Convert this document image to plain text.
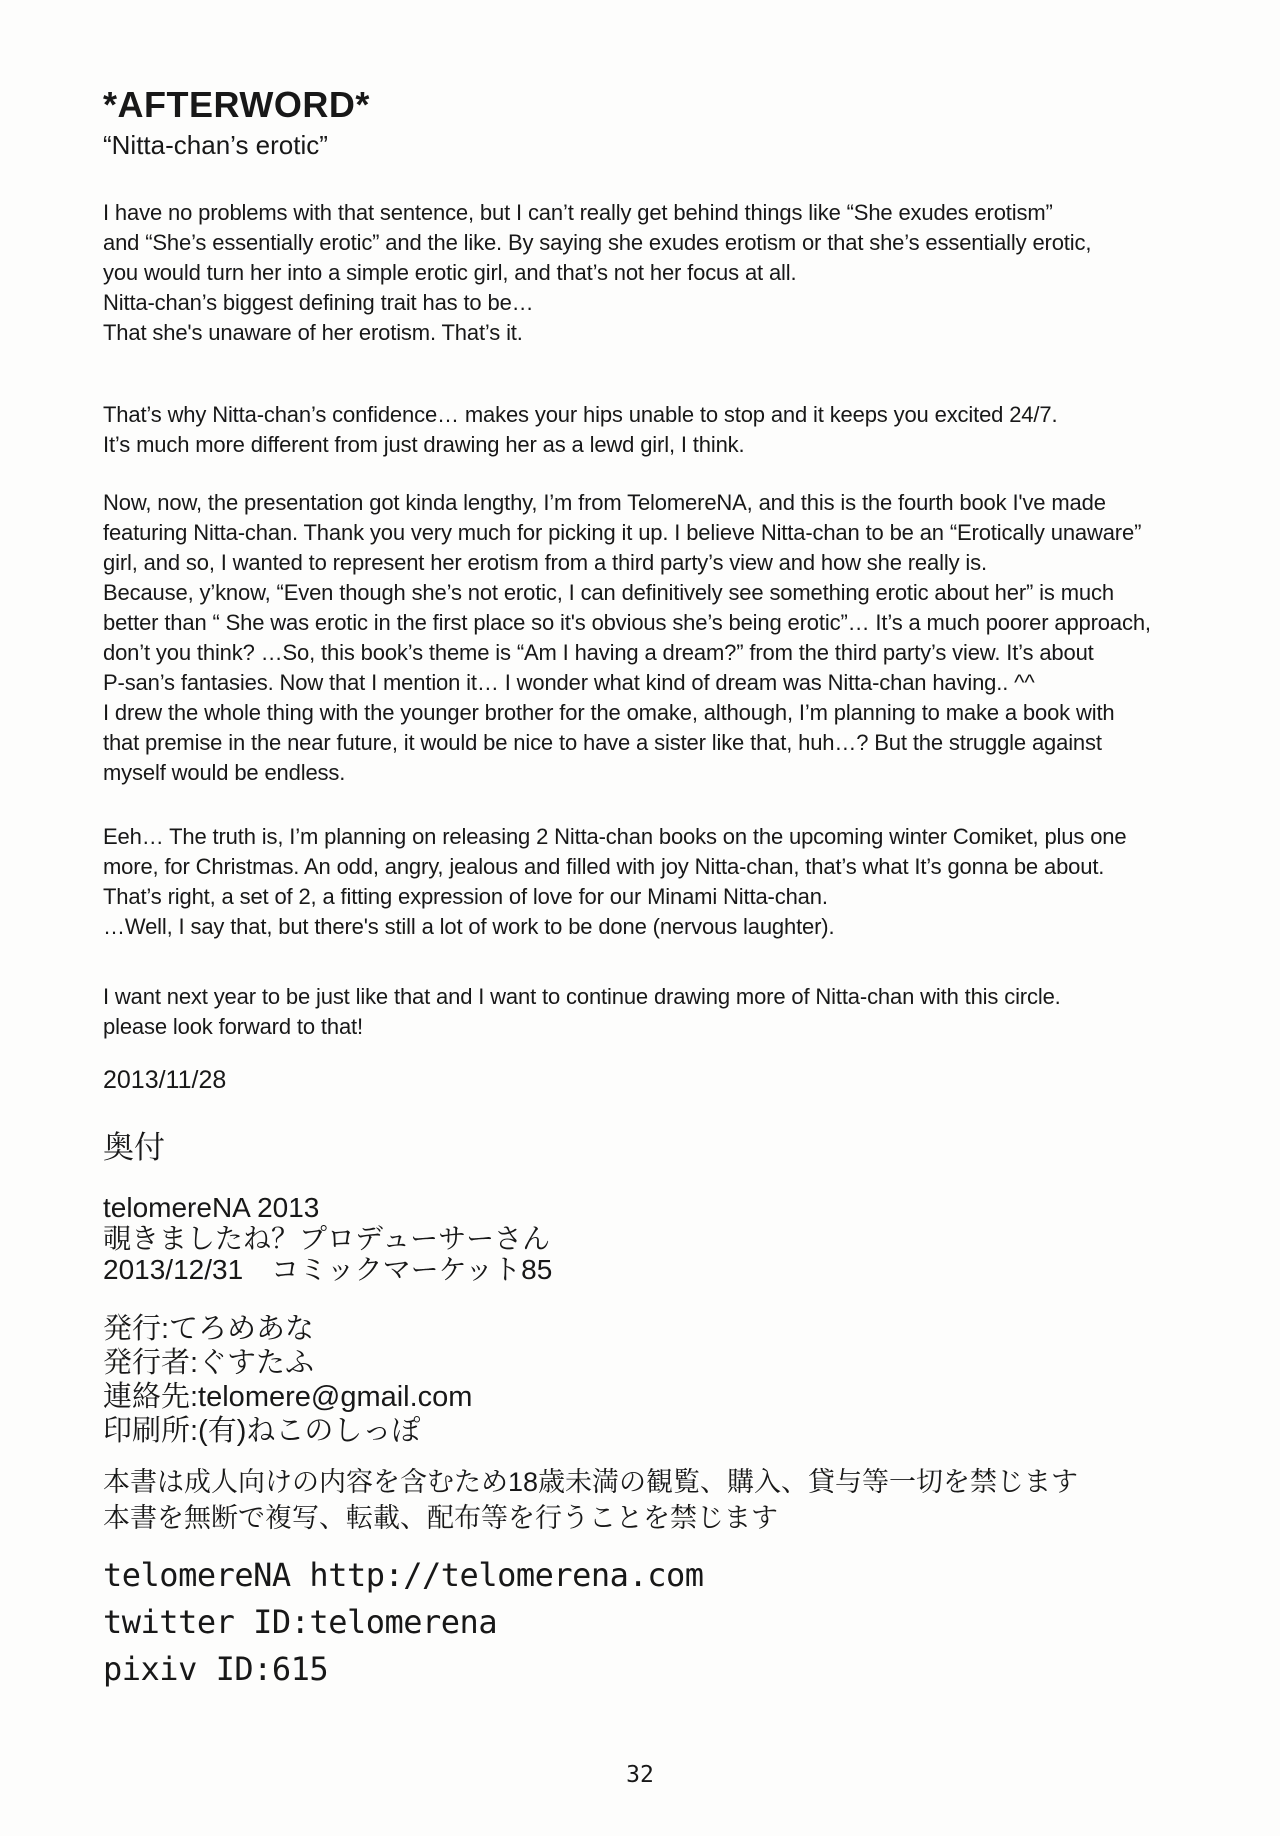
*AFTERWORD*

“Nitta-chan’s erotic”

I have no problems with that sentence, but I can’t really get behind things like “She exudes erotism”
and “She’s essentially erotic” and the like. By saying she exudes erotism or that she’s essentially erotic,
you would turn her into a simple erotic girl, and that’s not her focus at all.
Nitta-chan’s biggest defining trait has to be…
That she's unaware of her erotism. That’s it.

That’s why Nitta-chan’s confidence… makes your hips unable to stop and it keeps you excited 24/7.
It’s much more different from just drawing her as a lewd girl, I think.

Now, now, the presentation got kinda lengthy, I’m from TelomereNA, and this is the fourth book I've made
featuring Nitta-chan. Thank you very much for picking it up. I believe Nitta-chan to be an “Erotically unaware”
girl, and so, I wanted to represent her erotism from a third party’s view and how she really is.
Because, y’know, “Even though she’s not erotic, I can definitively see something erotic about her” is much
better than “ She was erotic in the first place so it's obvious she’s being erotic”… It’s a much poorer approach,
don’t you think? …So, this book’s theme is “Am I having a dream?” from the third party’s view. It’s about
P-san’s fantasies. Now that I mention it… I wonder what kind of dream was Nitta-chan having.. ^^
I drew the whole thing with the younger brother for the omake, although, I’m planning to make a book with
that premise in the near future, it would be nice to have a sister like that, huh…? But the struggle against
myself would be endless.

Eeh… The truth is, I’m planning on releasing 2 Nitta-chan books on the upcoming winter Comiket, plus one
more, for Christmas. An odd, angry, jealous and filled with joy Nitta-chan, that’s what It’s gonna be about.
That’s right, a set of 2, a fitting expression of love for our Minami Nitta-chan.
…Well, I say that, but there's still a lot of work to be done (nervous laughter).

I want next year to be just like that and I want to continue drawing more of Nitta-chan with this circle.
please look forward to that!

2013/11/28

奥付

telomereNA 2013
覗きましたね？プロデューサーさん
2013/12/31　コミックマーケット85

発行:てろめあな
発行者:ぐすたふ
連絡先:telomere@gmail.com
印刷所:(有)ねこのしっぽ

本書は成人向けの内容を含むため18歳未満の観覧、購入、貸与等一切を禁じます
本書を無断で複写、転載、配布等を行うことを禁じます

telomereNA http://telomerena.com
twitter ID:telomerena
pixiv ID:615

32
